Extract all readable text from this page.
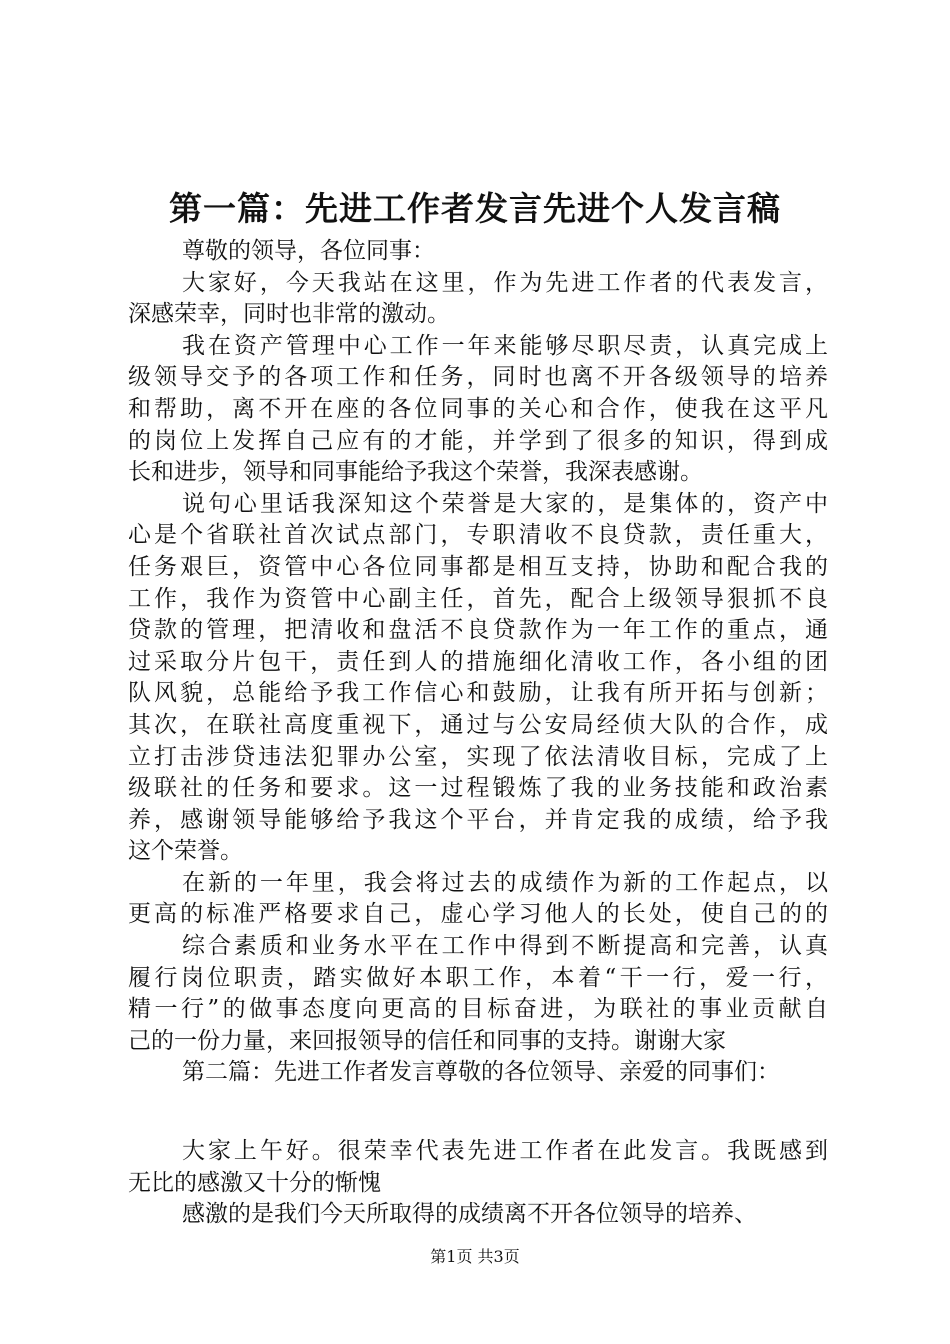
第一篇：先进工作者发言先进个人发言稿
尊敬的领导，各位同事：
大家好，今天我站在这里，作为先进工作者的代表发言，
深感荣幸，同时也非常的激动。
我在资产管理中心工作一年来能够尽职尽责，认真完成上
级领导交予的各项工作和任务，同时也离不开各级领导的培养
和帮助，离不开在座的各位同事的关心和合作，使我在这平凡
的岗位上发挥自己应有的才能，并学到了很多的知识，得到成
长和进步，领导和同事能给予我这个荣誉，我深表感谢。
说句心里话我深知这个荣誉是大家的，是集体的，资产中
心是个省联社首次试点部门，专职清收不良贷款，责任重大，
任务艰巨，资管中心各位同事都是相互支持，协助和配合我的
工作，我作为资管中心副主任，首先，配合上级领导狠抓不良
贷款的管理，把清收和盘活不良贷款作为一年工作的重点，通
过采取分片包干，责任到人的措施细化清收工作，各小组的团
队风貌，总能给予我工作信心和鼓励，让我有所开拓与创新；
其次，在联社高度重视下，通过与公安局经侦大队的合作，成
立打击涉贷违法犯罪办公室，实现了依法清收目标，完成了上
级联社的任务和要求。这一过程锻炼了我的业务技能和政治素
养，感谢领导能够给予我这个平台，并肯定我的成绩，给予我
这个荣誉。
在新的一年里，我会将过去的成绩作为新的工作起点，以
更高的标准严格要求自己，虚心学习他人的长处，使自己的的
综合素质和业务水平在工作中得到不断提高和完善，认真
履行岗位职责，踏实做好本职工作，本着“干一行，爱一行，
精一行”的做事态度向更高的目标奋进，为联社的事业贡献自
己的一份力量，来回报领导的信任和同事的支持。谢谢大家
第二篇：先进工作者发言尊敬的各位领导、亲爱的同事们：
大家上午好。很荣幸代表先进工作者在此发言。我既感到
无比的感激又十分的惭愧
感激的是我们今天所取得的成绩离不开各位领导的培养、
第1页 共3页
